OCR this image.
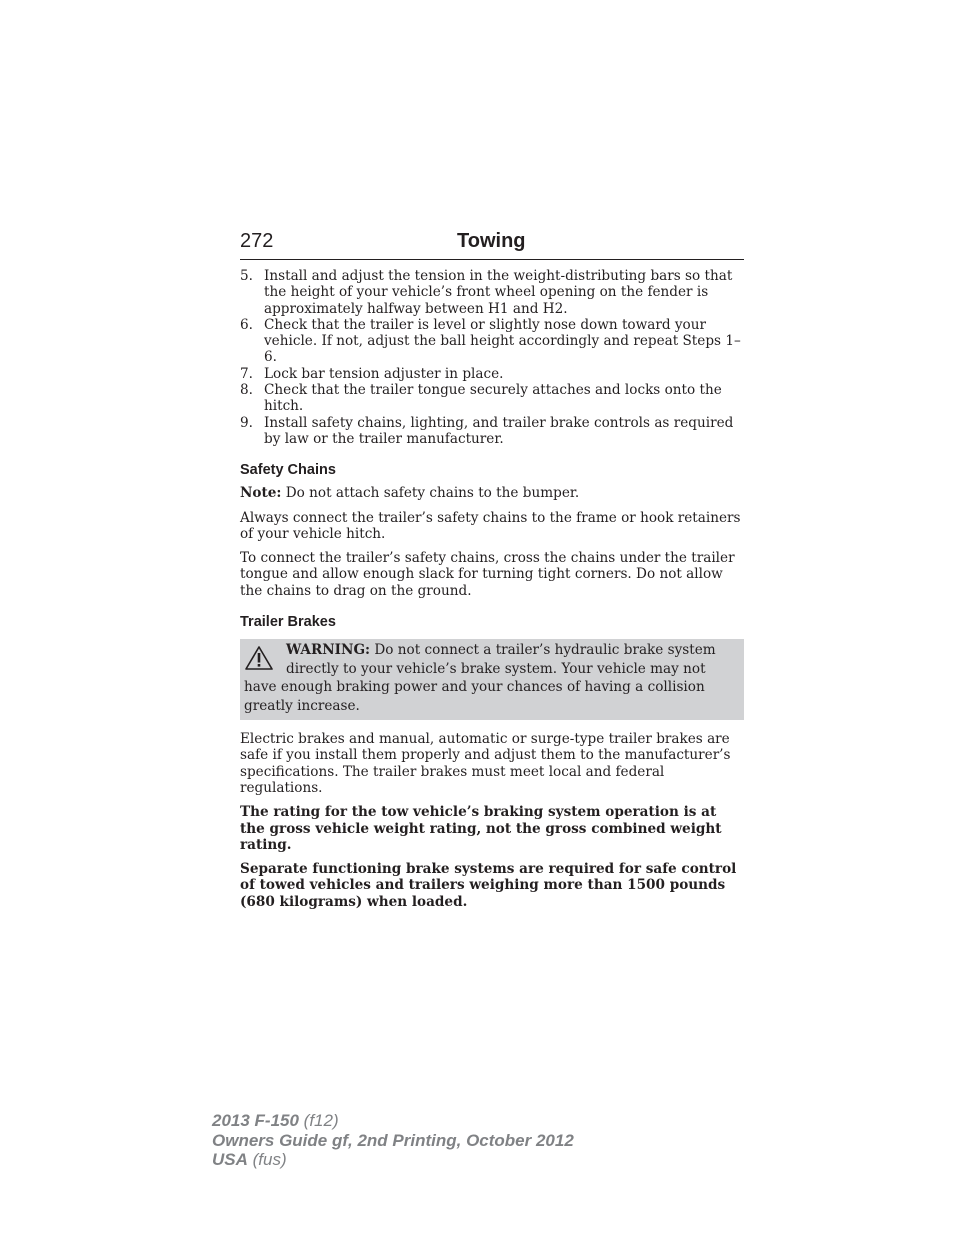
272	Towing
5. Install and adjust the tension in the weight-distributing bars so that the height of your vehicle’s front wheel opening on the fender is approximately halfway between H1 and H2.
6. Check that the trailer is level or slightly nose down toward your vehicle. If not, adjust the ball height accordingly and repeat Steps 1–6.
7. Lock bar tension adjuster in place.
8. Check that the trailer tongue securely attaches and locks onto the hitch.
9. Install safety chains, lighting, and trailer brake controls as required by law or the trailer manufacturer.
Safety Chains

Note: Do not attach safety chains to the bumper.

Always connect the trailer’s safety chains to the frame or hook retainers of your vehicle hitch.

To connect the trailer’s safety chains, cross the chains under the trailer tongue and allow enough slack for turning tight corners. Do not allow the chains to drag on the ground.

Trailer Brakes
WARNING: Do not connect a trailer’s hydraulic brake system directly to your vehicle’s brake system. Your vehicle may not have enough braking power and your chances of having a collision greatly increase.

Electric brakes and manual, automatic or surge-type trailer brakes are safe if you install them properly and adjust them to the manufacturer’s specifications. The trailer brakes must meet local and federal regulations.

The rating for the tow vehicle’s braking system operation is at the gross vehicle weight rating, not the gross combined weight rating.

Separate functioning brake systems are required for safe control of towed vehicles and trailers weighing more than 1500 pounds (680 kilograms) when loaded.

2013 F-150 (f12)
Owners Guide gf, 2nd Printing, October 2012
USA (fus)
